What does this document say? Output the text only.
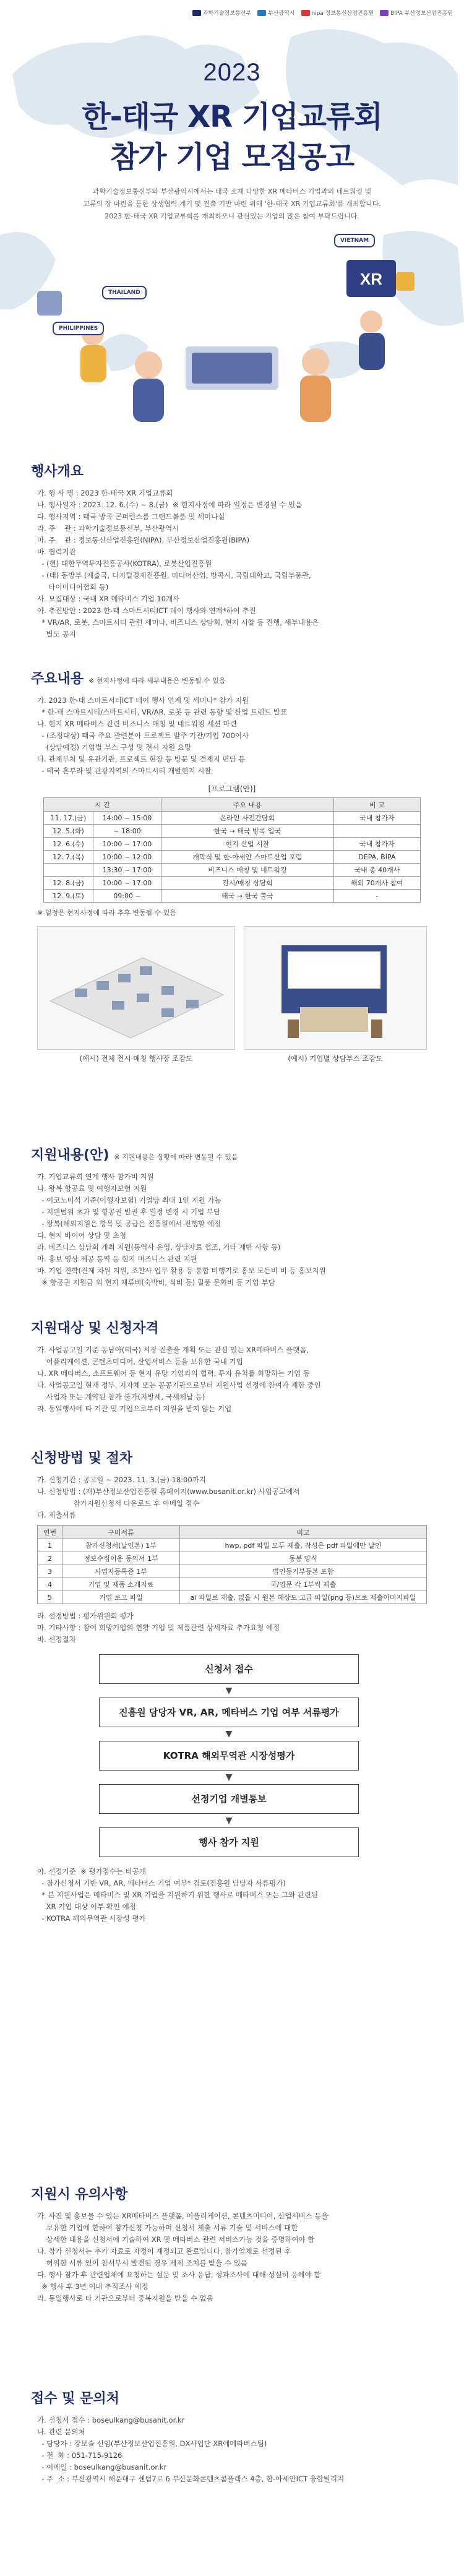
XR
과학기술정보통신부	부산광역시	nipa 정보통신산업진흥원	BIPA 부산정보산업진흥원
2023
한-태국 XR 기업교류회
참가 기업 모집공고
과학기술정보통신부와 부산광역시에서는 태국 소재 다양한 XR 메타버스 기업과의 네트워킹 및
교류의 장 마련을 통한 상생협력 계기 및 진출 기반 마련 위해 '한-태국 XR 기업교류회'를 개최합니다.
2023 한-태국 XR 기업교류회를 개최하오니 관심있는 기업의 많은 참여 부탁드립니다.
THAILAND
VIETNAM
PHILIPPINES
행사개요
가. 행 사 명 : 2023 한-태국 XR 기업교류회
나. 행사일자 : 2023. 12. 6.(수) ~ 8.(금)  ※ 현지사정에 따라 일정은 변경될 수 있음
다. 행사지역 : 태국 방콕 콘퍼런스룸 그랜드볼룸 및 세미나실
라. 주    관 : 과학기술정보통신부, 부산광역시
마. 주    관 : 정보통신산업진흥원(NIPA), 부산정보산업진흥원(BIPA)
바. 협력기관
- (현) 대한무역투자진흥공사(KOTRA), 로봇산업진흥원
- (태) 동방부 (제출국, 디지털경제진흥원, 미디어산업, 방콕시, 국립대학교, 국립부품관,
타이미디어협회 등)
사. 모집대상 : 국내 XR 메타버스 기업 10개사
아. 추진방안 : 2023 한-태 스마트시티ICT 데이 행사와 연계*하여 추진
* VR/AR, 로봇, 스마트시티 관련 세미나, 비즈니스 상담회, 현지 시찰 등 진행, 세부내용은
별도 공지
주요내용 ※ 현지사정에 따라 세부내용은 변동될 수 있음
가. 2023 한-태 스마트시티ICT 데이 행사 연계 및 세미나* 참가 지원
* 한-태 스마트시티/스마트시티, VR/AR, 로봇 등 관련 동향 및 산업 트렌드 발표
나. 현지 XR 메타버스 관련 비즈니스 매칭 및 네트워킹 세션 마련
- (조정대상) 태국 주요 관련분야 프로젝트 발주 기관/기업 700여사
(상담예정) 기업별 부스 구성 및 전시 지원 요망
다. 관계부처 및 유관기관, 프로젝트 현장 등 방문 및 견제지 면담 등
- 태국 흔부라 및 관광지역의 스마트시티 개발현지 시찰
[프로그램(안)]
시 간		주요 내용	비 고
11. 17.(금)	14:00 ~ 15:00	온라인 사전간담회	국내 참가자
12. 5.(화)	~ 18:00	한국 → 태국 방콕 입국	
12. 6.(수)	10:00 ~ 17:00	현지 산업 시찰	국내 참가자
12. 7.(목)	10:00 ~ 12:00	개막식 및 한-아세안 스마트산업 포럼	DEPA, BIPA
	13:30 ~ 17:00	비즈니스 매칭 및 네트워킹	국내 총 40개사
12. 8.(금)	10:00 ~ 17:00	전시/매칭 상담회	해외 70개사 참여
12. 9.(토)	09:00 ~	태국 → 한국 출국	-
※ 일정은 현지사정에 따라 추후 변동될 수 있음
(예시) 전체 전시·매칭 행사장 조감도	(예시) 기업별 상담부스 조감도
지원내용(안) ※ 지원내용은 상황에 따라 변동될 수 있음
가. 기업교류회 연계 행사 참가비 지원
나. 왕복 항공료 및 여행자보험 지원
- 이코노미석 기준(이행자보험) 기업당 최대 1인 지원 가능
- 지원범위 초과 및 항공권 발권 후 일정 변경 시 기업 부담
- 왕복(해외지원은 항목 및 공급은 진흥원에서 진행할 예정
다. 현지 바이어 상담 및 초청
라. 비즈니스 상담회 개최 지원(통역사 운영, 상담자료 협조, 기타 제반 사항 등)
마. 홍보 영상 제공 통역 등 현지 비즈니스 관련 지원
바. 기업 견학(견제 차원 지원, 조찬사 업무 활용 등 통합 비행기로 홍보 모든비 비 등 홍보지원
※ 항공권 지원금 외 현지 체류비(숙박비, 식비 등) 필품 문화비 등 기업 부담
지원대상 및 신청자격
가. 사업공고일 기준 동남아(태국) 시장 진출을 계획 또는 관심 있는 XR메타버스 플랫폼,
어플리케이션, 콘텐츠미디어, 산업서비스 등을 보유한 국내 기업
나. XR 메타버스, 소프트웨어 등 현지 유망 기업과의 협력, 투자 유치를 희망하는 기업 등
다. 사업공고일 현재 정부, 지자체 또는 공공기관으로부터 지원사업 선정에 참여가 제한 중인
사업자 또는 계약된 참가 불가(지방세, 국세체납 등)
라. 동일행사에 타 기관 및 기업으로부터 지원을 받지 않는 기업
신청방법 및 절차
가. 신청기간 : 공고일 ~ 2023. 11. 3.(금) 18:00까지
나. 신청방법 : (재)부산정보산업진흥원 홈페이지(www.busanit.or.kr) 사업공고에서
참가지원신청서 다운로드 후 이메일 접수
다. 제출서류
연번	구비서류	비고
1	참가신청서(날인본) 1부	hwp, pdf 파일 모두 제출, 작성은 pdf 파일에만 날인
2	정보수집이용 동의서 1부	동봉 양식
3	사업자등록증 1부	법인등기부등본 포함
4	기업 및 제품 소개자료	국/영문 각 1부씩 제출
5	기업 로고 파일	ai 파일로 제출, 없을 시 원본 해상도 고급 파일(png 등)으로 제출이미지파일
라. 선정방법 : 평가위원회 평가
마. 기타사항 : 참여 희망기업의 현황 기업 및 제품관련 상세자료 추가요청 예정
바. 선정절차
신청서 접수
▼
진흥원 담당자 VR, AR, 메타버스 기업 여부 서류평가
▼
KOTRA 해외무역관 시장성평가
▼
선정기업 개별통보
▼
행사 참가 지원
아. 선정기준  ※ 평가점수는 비공개
- 참가신청서 기반 VR, AR, 메타버스 기업 여부* 검토(진흥원 담당자 서류평가)
* 본 지원사업은 메타버스 및 XR 기업을 지원하기 위한 행사로 메타버스 또는 그와 관련된
XR 기업 대상 여부 확인 예정
- KOTRA 해외무역관 시장성 평가
지원시 유의사항
가. 사전 및 홍보물 수 있는 XR메타버스 플랫폼, 어플리케이션, 콘텐츠미디어, 산업서비스 등을
보유한 기업에 한하여 참가신청 가능하며 신청서 제출 서류 기술 및 서비스에 대한
상세한 내용을 신청서에 기술하여 XR 및 메타버스 관련 서비스가능 것을 증명하여야 함
나. 참가 신청서는 추가 자료로 자정이 재정되고 완료입니다, 참가업체로 선정된 후
허위한 서류 있이 참서부서 발견된 경우 제제 조치를 받을 수 있음
다. 행사 참가 후 관련업체에 요청하는 설문 및 조사 응답, 성과조사에 대해 성실히 응해야 함
※ 행사 후 3년 이내 추적조사 예정
라. 동일행사로 타 기관으로부터 중복지원을 받을 수 없음
접수 및 문의처
가. 신청서 접수 : boseulkang@busanit.or.kr
나. 관련 문의처
- 담당자 : 강보슬 선임(부산정보산업진흥원, DX사업단 XR에메타버스팀)
- 전  화 : 051-715-9126
- 이메일 : boseulkang@busanit.or.kr
- 주  소 : 부산광역시 해운대구 센텀7로 6 부산문화콘텐츠콤플렉스 4층, 한-아세안ICT 융합빌리지
